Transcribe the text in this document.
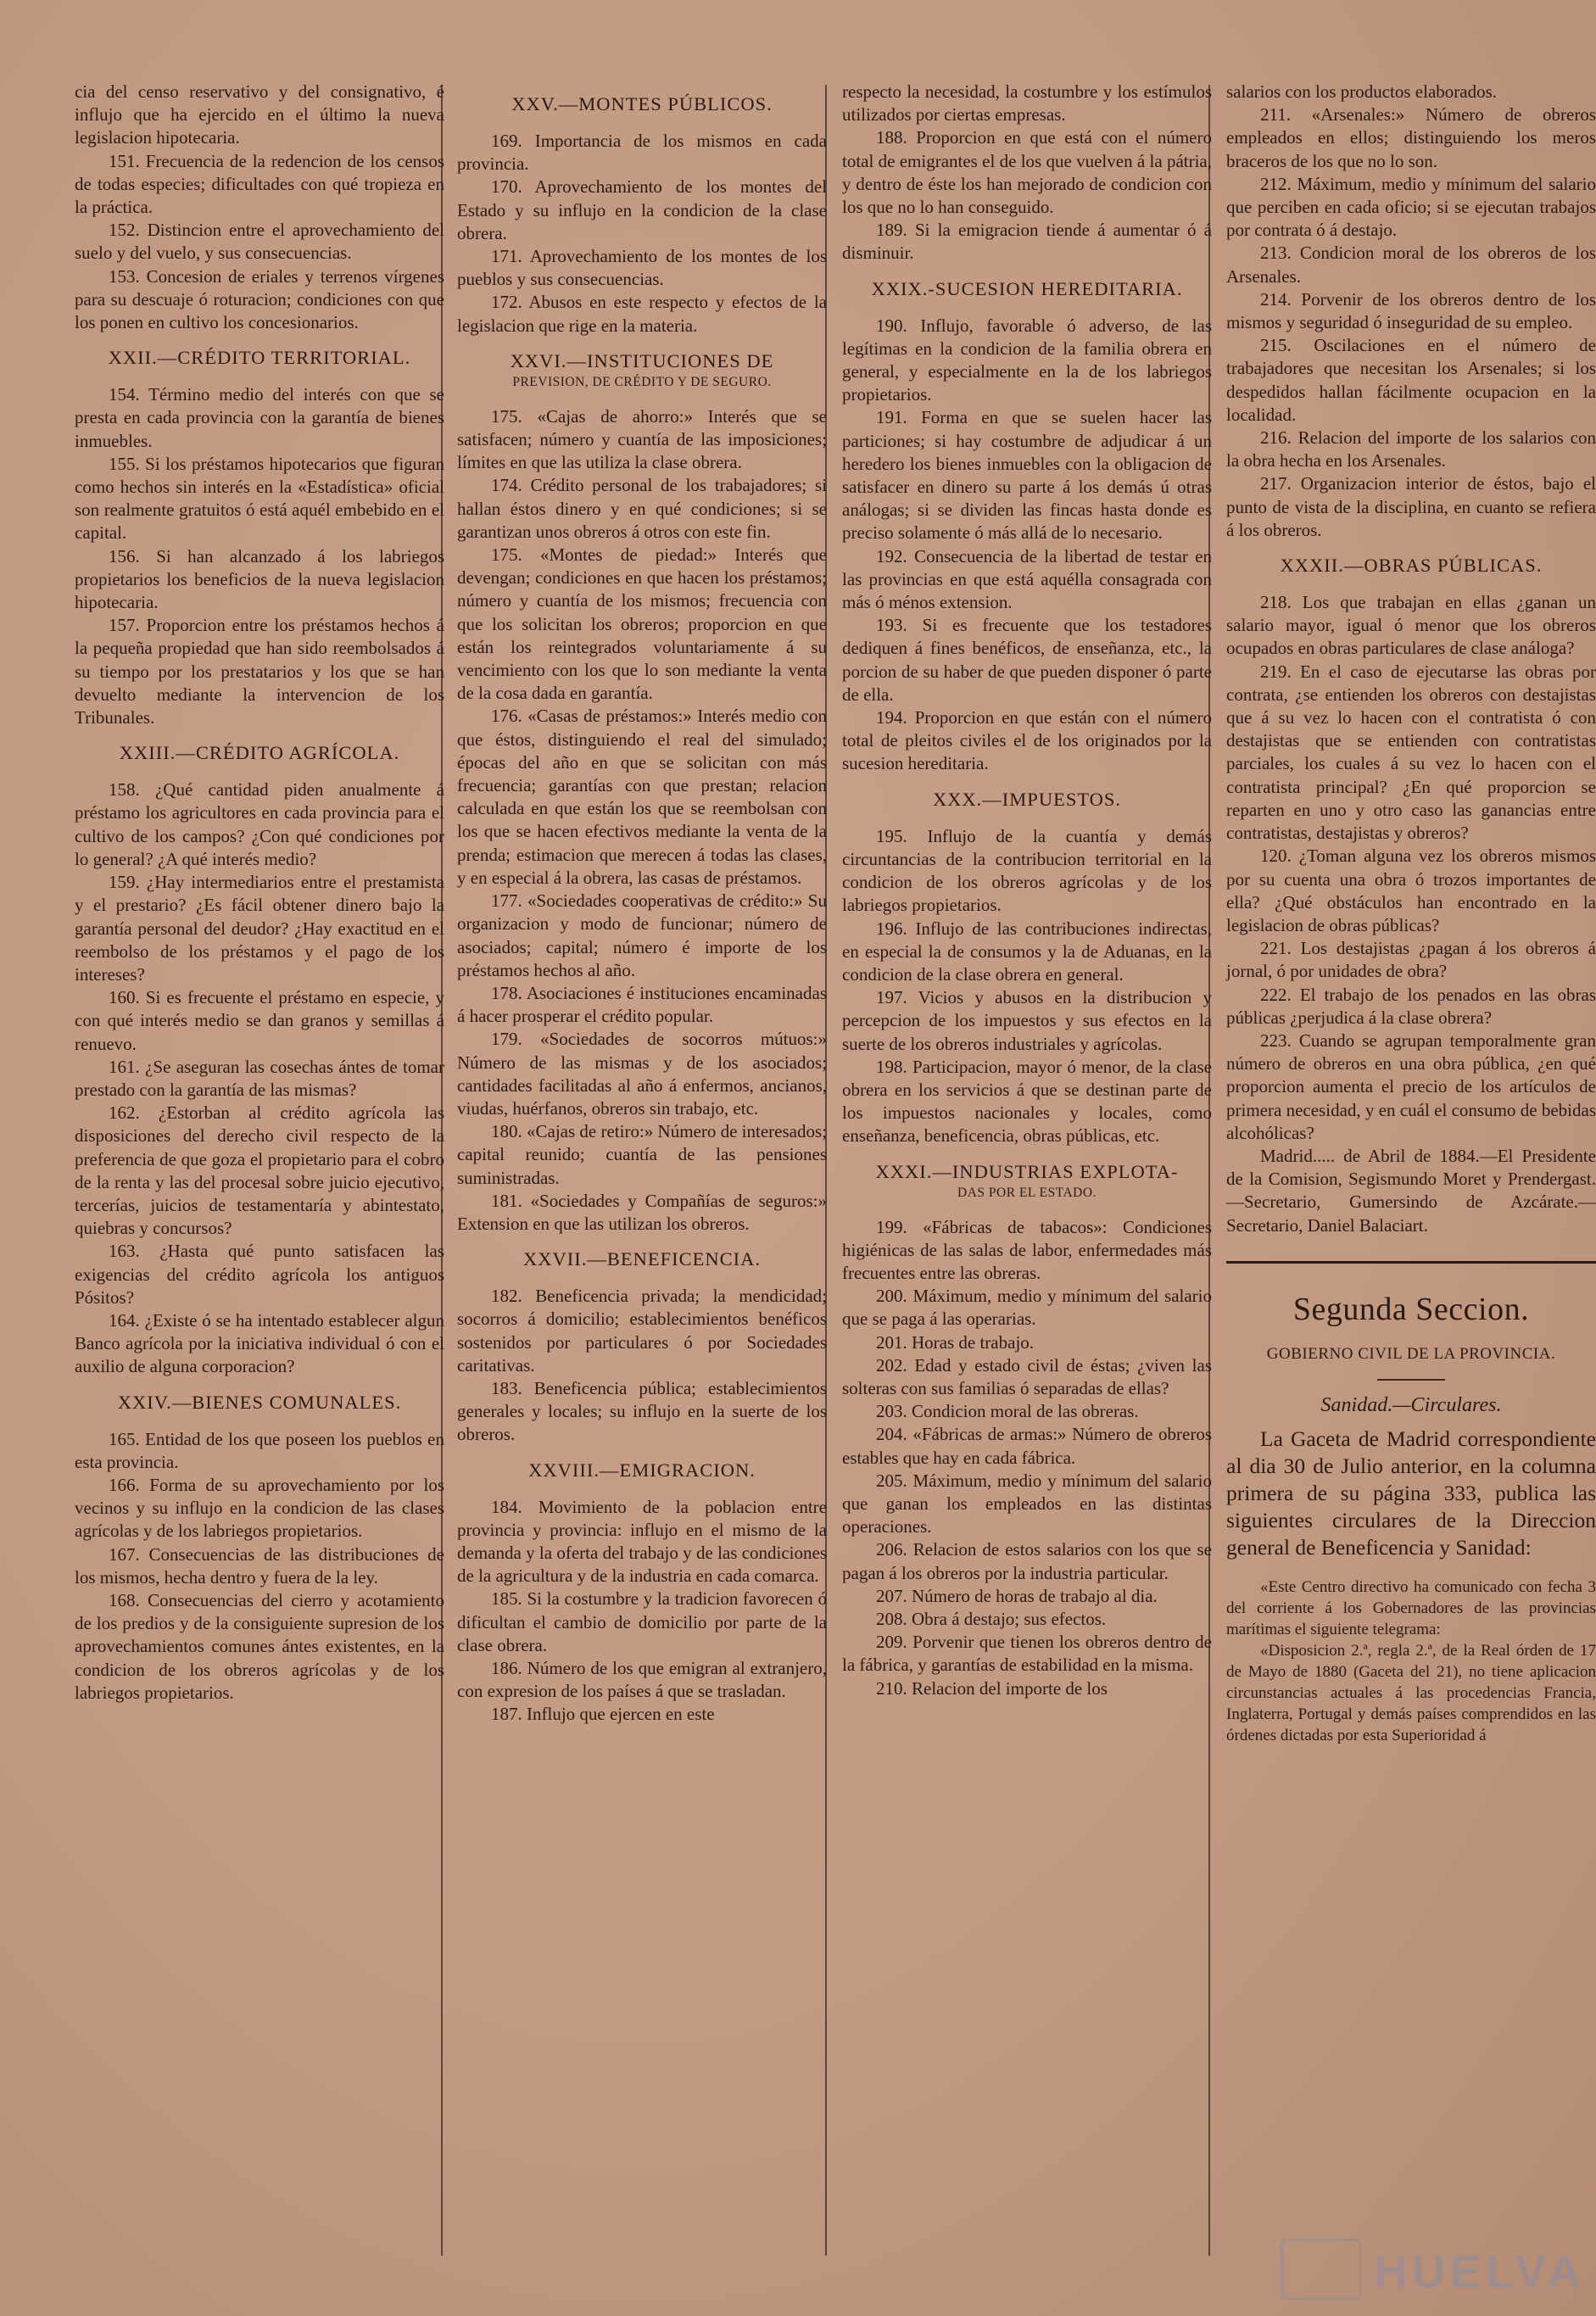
cia del censo reservativo y del consignativo, é influjo que ha ejercido en el último la nueva legislacion hipotecaria.

151. Frecuencia de la redencion de los censos de todas especies; dificultades con qué tropieza en la práctica.

152. Distincion entre el aprovechamiento del suelo y del vuelo, y sus consecuencias.

153. Concesion de eriales y terrenos vírgenes para su descuaje ó roturacion; condiciones con que los ponen en cultivo los concesionarios.

XXII.—CRÉDITO TERRITORIAL.

154. Término medio del interés con que se presta en cada provincia con la garantía de bienes inmuebles.

155. Si los préstamos hipotecarios que figuran como hechos sin interés en la «Estadística» oficial son realmente gratuitos ó está aquél embebido en el capital.

156. Si han alcanzado á los labriegos propietarios los beneficios de la nueva legislacion hipotecaria.

157. Proporcion entre los préstamos hechos á la pequeña propiedad que han sido reembolsados á su tiempo por los prestatarios y los que se han devuelto mediante la intervencion de los Tribunales.

XXIII.—CRÉDITO AGRÍCOLA.

158. ¿Qué cantidad piden anualmente á préstamo los agricultores en cada provincia para el cultivo de los campos? ¿Con qué condiciones por lo general? ¿A qué interés medio?

159. ¿Hay intermediarios entre el prestamista y el prestario? ¿Es fácil obtener dinero bajo la garantía personal del deudor? ¿Hay exactitud en el reembolso de los préstamos y el pago de los intereses?

160. Si es frecuente el préstamo en especie, y con qué interés medio se dan granos y semillas á renuevo.

161. ¿Se aseguran las cosechas ántes de tomar prestado con la garantía de las mismas?

162. ¿Estorban al crédito agrícola las disposiciones del derecho civil respecto de la preferencia de que goza el propietario para el cobro de la renta y las del procesal sobre juicio ejecutivo, tercerías, juicios de testamentaría y abintestato, quiebras y concursos?

163. ¿Hasta qué punto satisfacen las exigencias del crédito agrícola los antiguos Pósitos?

164. ¿Existe ó se ha intentado establecer algun Banco agrícola por la iniciativa individual ó con el auxilio de alguna corporacion?

XXIV.—BIENES COMUNALES.

165. Entidad de los que poseen los pueblos en esta provincia.

166. Forma de su aprovechamiento por los vecinos y su influjo en la condicion de las clases agrícolas y de los labriegos propietarios.

167. Consecuencias de las distribuciones de los mismos, hecha dentro y fuera de la ley.

168. Consecuencias del cierro y acotamiento de los predios y de la consiguiente supresion de los aprovechamientos comunes ántes existentes, en la condicion de los obreros agrícolas y de los labriegos propietarios.

XXV.—MONTES PÚBLICOS.

169. Importancia de los mismos en cada provincia.

170. Aprovechamiento de los montes del Estado y su influjo en la condicion de la clase obrera.

171. Aprovechamiento de los montes de los pueblos y sus consecuencias.

172. Abusos en este respecto y efectos de la legislacion que rige en la materia.

XXVI.—INSTITUCIONES DE
PREVISION, DE CRÉDITO Y DE SEGURO.

175. «Cajas de ahorro:» Interés que se satisfacen; número y cuantía de las imposiciones; límites en que las utiliza la clase obrera.

174. Crédito personal de los trabajadores; si hallan éstos dinero y en qué condiciones; si se garantizan unos obreros á otros con este fin.

175. «Montes de piedad:» Interés que devengan; condiciones en que hacen los préstamos; número y cuantía de los mismos; frecuencia con que los solicitan los obreros; proporcion en que están los reintegrados voluntariamente á su vencimiento con los que lo son mediante la venta de la cosa dada en garantía.

176. «Casas de préstamos:» Interés medio con que éstos, distinguiendo el real del simulado; épocas del año en que se solicitan con más frecuencia; garantías con que prestan; relacion calculada en que están los que se reembolsan con los que se hacen efectivos mediante la venta de la prenda; estimacion que merecen á todas las clases, y en especial á la obrera, las casas de préstamos.

177. «Sociedades cooperativas de crédito:» Su organizacion y modo de funcionar; número de asociados; capital; número é importe de los préstamos hechos al año.

178. Asociaciones é instituciones encaminadas á hacer prosperar el crédito popular.

179. «Sociedades de socorros mútuos:» Número de las mismas y de los asociados; cantidades facilitadas al año á enfermos, ancianos, viudas, huérfanos, obreros sin trabajo, etc.

180. «Cajas de retiro:» Número de interesados; capital reunido; cuantía de las pensiones suministradas.

181. «Sociedades y Compañías de seguros:» Extension en que las utilizan los obreros.

XXVII.—BENEFICENCIA.

182. Beneficencia privada; la mendicidad; socorros á domicilio; establecimientos benéficos sostenidos por particulares ó por Sociedades caritativas.

183. Beneficencia pública; establecimientos generales y locales; su influjo en la suerte de los obreros.

XXVIII.—EMIGRACION.

184. Movimiento de la poblacion entre provincia y provincia: influjo en el mismo de la demanda y la oferta del trabajo y de las condiciones de la agricultura y de la industria en cada comarca.

185. Si la costumbre y la tradicion favorecen ó dificultan el cambio de domicilio por parte de la clase obrera.

186. Número de los que emigran al extranjero, con expresion de los países á que se trasladan.

187. Influjo que ejercen en este

respecto la necesidad, la costumbre y los estímulos utilizados por ciertas empresas.

188. Proporcion en que está con el número total de emigrantes el de los que vuelven á la pátria, y dentro de éste los han mejorado de condicion con los que no lo han conseguido.

189. Si la emigracion tiende á aumentar ó á disminuir.

XXIX.-SUCESION HEREDITARIA.

190. Influjo, favorable ó adverso, de las legítimas en la condicion de la familia obrera en general, y especialmente en la de los labriegos propietarios.

191. Forma en que se suelen hacer las particiones; si hay costumbre de adjudicar á un heredero los bienes inmuebles con la obligacion de satisfacer en dinero su parte á los demás ú otras análogas; si se dividen las fincas hasta donde es preciso solamente ó más allá de lo necesario.

192. Consecuencia de la libertad de testar en las provincias en que está aquélla consagrada con más ó ménos extension.

193. Si es frecuente que los testadores dediquen á fines benéficos, de enseñanza, etc., la porcion de su haber de que pueden disponer ó parte de ella.

194. Proporcion en que están con el número total de pleitos civiles el de los originados por la sucesion hereditaria.

XXX.—IMPUESTOS.

195. Influjo de la cuantía y demás circuntancias de la contribucion territorial en la condicion de los obreros agrícolas y de los labriegos propietarios.

196. Influjo de las contribuciones indirectas, en especial la de consumos y la de Aduanas, en la condicion de la clase obrera en general.

197. Vicios y abusos en la distribucion y percepcion de los impuestos y sus efectos en la suerte de los obreros industriales y agrícolas.

198. Participacion, mayor ó menor, de la clase obrera en los servicios á que se destinan parte de los impuestos nacionales y locales, como enseñanza, beneficencia, obras públicas, etc.

XXXI.—INDUSTRIAS EXPLOTA-
DAS POR EL ESTADO.

199. «Fábricas de tabacos»: Condiciones higiénicas de las salas de labor, enfermedades más frecuentes entre las obreras.

200. Máximum, medio y mínimum del salario que se paga á las operarias.

201. Horas de trabajo.

202. Edad y estado civil de éstas; ¿viven las solteras con sus familias ó separadas de ellas?

203. Condicion moral de las obreras.

204. «Fábricas de armas:» Número de obreros estables que hay en cada fábrica.

205. Máximum, medio y mínimum del salario que ganan los empleados en las distintas operaciones.

206. Relacion de estos salarios con los que se pagan á los obreros por la industria particular.

207. Número de horas de trabajo al dia.

208. Obra á destajo; sus efectos.

209. Porvenir que tienen los obreros dentro de la fábrica, y garantías de estabilidad en la misma.

210. Relacion del importe de los

salarios con los productos elaborados.

211. «Arsenales:» Número de obreros empleados en ellos; distinguiendo los meros braceros de los que no lo son.

212. Máximum, medio y mínimum del salario que perciben en cada oficio; si se ejecutan trabajos por contrata ó á destajo.

213. Condicion moral de los obreros de los Arsenales.

214. Porvenir de los obreros dentro de los mismos y seguridad ó inseguridad de su empleo.

215. Oscilaciones en el número de trabajadores que necesitan los Arsenales; si los despedidos hallan fácilmente ocupacion en la localidad.

216. Relacion del importe de los salarios con la obra hecha en los Arsenales.

217. Organizacion interior de éstos, bajo el punto de vista de la disciplina, en cuanto se refiera á los obreros.

XXXII.—OBRAS PÚBLICAS.

218. Los que trabajan en ellas ¿ganan un salario mayor, igual ó menor que los obreros ocupados en obras particulares de clase análoga?

219. En el caso de ejecutarse las obras por contrata, ¿se entienden los obreros con destajistas que á su vez lo hacen con el contratista ó con destajistas que se entienden con contratistas parciales, los cuales á su vez lo hacen con el contratista principal? ¿En qué proporcion se reparten en uno y otro caso las ganancias entre contratistas, destajistas y obreros?

120. ¿Toman alguna vez los obreros mismos por su cuenta una obra ó trozos importantes de ella? ¿Qué obstáculos han encontrado en la legislacion de obras públicas?

221. Los destajistas ¿pagan á los obreros á jornal, ó por unidades de obra?

222. El trabajo de los penados en las obras públicas ¿perjudica á la clase obrera?

223. Cuando se agrupan temporalmente gran número de obreros en una obra pública, ¿en qué proporcion aumenta el precio de los artículos de primera necesidad, y en cuál el consumo de bebidas alcohólicas?

Madrid..... de Abril de 1884.—El Presidente de la Comision, Segismundo Moret y Prendergast.—Secretario, Gumersindo de Azcárate.—Secretario, Daniel Balaciart.

Segunda Seccion.
GOBIERNO CIVIL DE LA PROVINCIA.
Sanidad.—Circulares.

La Gaceta de Madrid correspondiente al dia 30 de Julio anterior, en la columna primera de su página 333, publica las siguientes circulares de la Direccion general de Beneficencia y Sanidad:

«Este Centro directivo ha comunicado con fecha 3 del corriente á los Gobernadores de las provincias marítimas el siguiente telegrama:

«Disposicion 2.ª, regla 2.ª, de la Real órden de 17 de Mayo de 1880 (Gaceta del 21), no tiene aplicacion circunstancias actuales á las procedencias Francia, Inglaterra, Portugal y demás países comprendidos en las órdenes dictadas por esta Superioridad á

HUELVA
